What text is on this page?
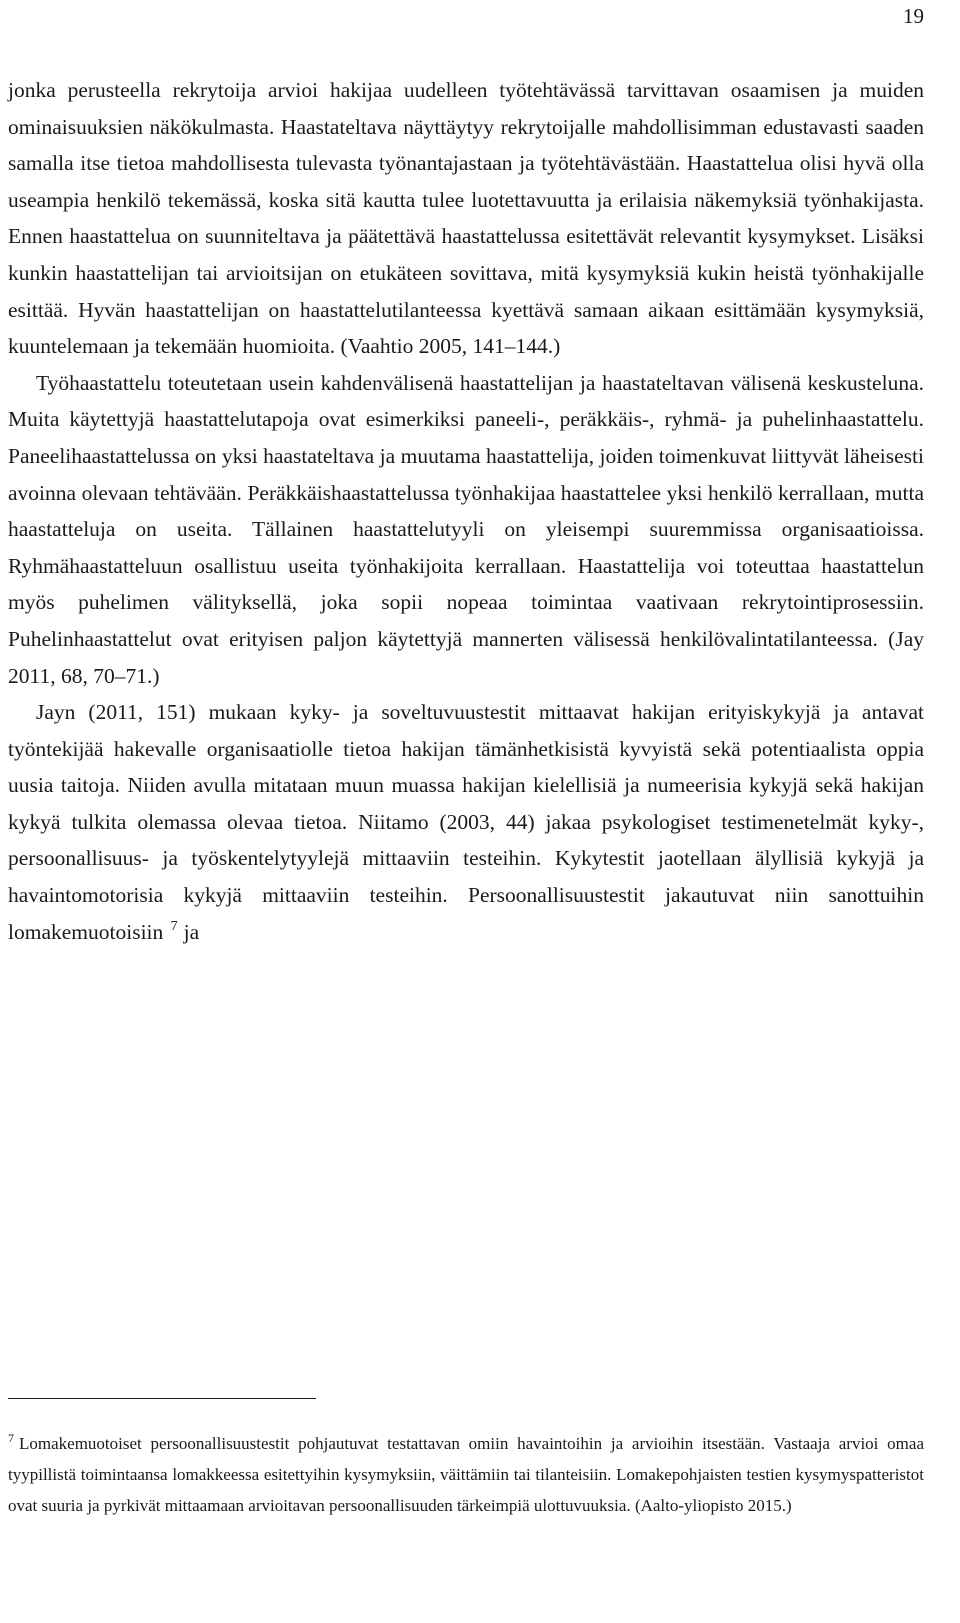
19

jonka perusteella rekrytoija arvioi hakijaa uudelleen työtehtävässä tarvittavan osaamisen ja muiden ominaisuuksien näkökulmasta. Haastateltava näyttäytyy rekrytoijalle mahdollisimman edustavasti saaden samalla itse tietoa mahdollisesta tulevasta työnantajastaan ja työtehtävästään. Haastattelua olisi hyvä olla useampia henkilö tekemässä, koska sitä kautta tulee luotettavuutta ja erilaisia näkemyksiä työnhakijasta. Ennen haastattelua on suunniteltava ja päätettävä haastattelussa esitettävät relevantit kysymykset. Lisäksi kunkin haastattelijan tai arvioitsijan on etukäteen sovittava, mitä kysymyksiä kukin heistä työnhakijalle esittää. Hyvän haastattelijan on haastattelutilanteessa kyettävä samaan aikaan esittämään kysymyksiä, kuuntelemaan ja tekemään huomioita. (Vaahtio 2005, 141–144.)

Työhaastattelu toteutetaan usein kahdenvälisenä haastattelijan ja haastateltavan välisenä keskusteluna. Muita käytettyjä haastattelutapoja ovat esimerkiksi paneeli-, peräkkäis-, ryhmä- ja puhelinhaastattelu. Paneelihaastattelussa on yksi haastateltava ja muutama haastattelija, joiden toimenkuvat liittyvät läheisesti avoinna olevaan tehtävään. Peräkkäishaastattelussa työnhakijaa haastattelee yksi henkilö kerrallaan, mutta haastatteluja on useita. Tällainen haastattelutyyli on yleisempi suuremmissa organisaatioissa. Ryhmähaastatteluun osallistuu useita työnhakijoita kerrallaan. Haastattelija voi toteuttaa haastattelun myös puhelimen välityksellä, joka sopii nopeaa toimintaa vaativaan rekrytointiprosessiin. Puhelinhaastattelut ovat erityisen paljon käytettyjä mannerten välisessä henkilövalintatilanteessa. (Jay 2011, 68, 70–71.)

Jayn (2011, 151) mukaan kyky- ja soveltuvuustestit mittaavat hakijan erityiskykyjä ja antavat työntekijää hakevalle organisaatiolle tietoa hakijan tämänhetkisistä kyvyistä sekä potentiaalista oppia uusia taitoja. Niiden avulla mitataan muun muassa hakijan kielellisiä ja numeerisia kykyjä sekä hakijan kykyä tulkita olemassa olevaa tietoa. Niitamo (2003, 44) jakaa psykologiset testimenetelmät kyky-, persoonallisuus- ja työskentelytyylejä mittaaviin testeihin. Kykytestit jaotellaan älyllisiä kykyjä ja havaintomotorisia kykyjä mittaaviin testeihin. Persoonallisuustestit jakautuvat niin sanottuihin lomakemuotoisiin $^7$ ja

$^7$ Lomakemuotoiset persoonallisuustestit pohjautuvat testattavan omiin havaintoihin ja arvioihin itsestään. Vastaaja arvioi omaa tyypillistä toimintaansa lomakkeessa esitettyihin kysymyksiin, väittämiin tai tilanteisiin. Lomakepohjaisten testien kysymyspatteristot ovat suuria ja pyrkivät mittaamaan arvioitavan persoonallisuuden tärkeimpiä ulottuvuuksia. (Aalto-yliopisto 2015.)
